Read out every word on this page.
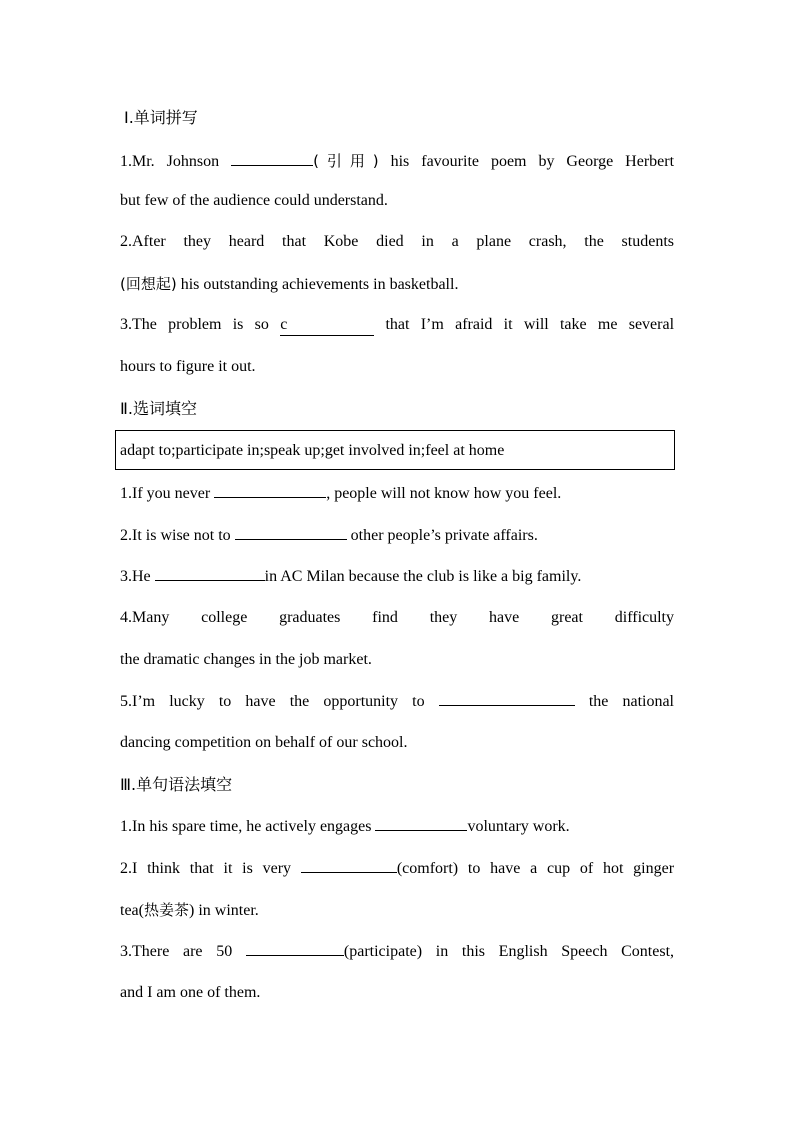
Ⅰ.单词拼写
1.Mr. Johnson	(引用) his favourite poem by George Herbert
but few of the audience could understand.
2.After they heard that Kobe died in a plane crash, the students
(回想起) his outstanding achievements in basketball.
3.The problem is so c	that I’m afraid it will take me several
hours to figure it out.
Ⅱ.选词填空
adapt to;participate in;speak up;get involved in;feel at home
1.If you never	, people will not know how you feel.
2.It is wise not to	other people’s private affairs.
3.He	in AC Milan because the club is like a big family.
4.Many college graduates find they have great difficulty
the dramatic changes in the job market.
5.I’m lucky to have the opportunity to	the national
dancing competition on behalf of our school.
Ⅲ.单句语法填空
1.In his spare time, he actively engages	voluntary work.
2.I think that it is very	(comfort) to have a cup of hot ginger
tea(热姜茶) in winter.
3.There are 50	(participate) in this English Speech Contest,
and I am one of them.
